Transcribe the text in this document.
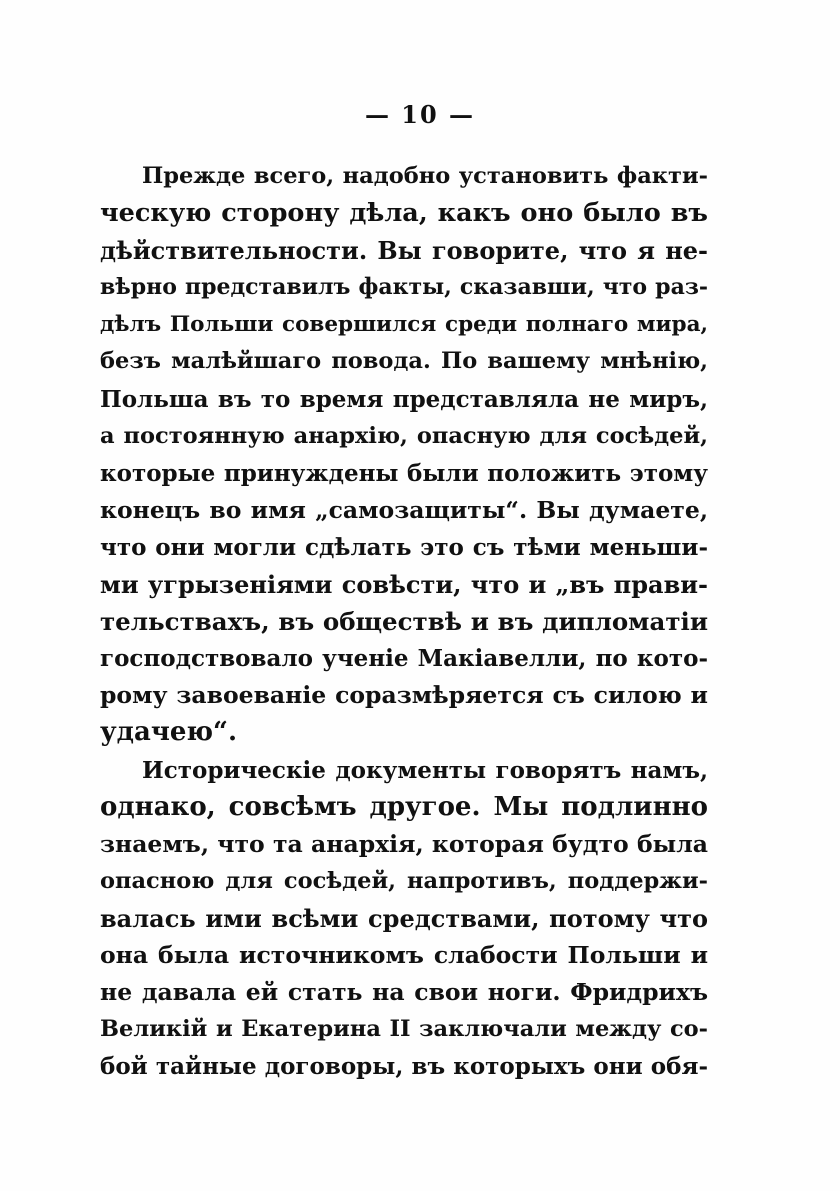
— 10 —
Прежде всего, надобно установить факти-
ческую сторону дѣла, какъ оно было въ
дѣйствительности. Вы говорите, что я не-
вѣрно представилъ факты, сказавши, что раз-
дѣлъ Польши совершился среди полнаго мира,
безъ малѣйшаго повода. По вашему мнѣнію,
Польша въ то время представляла не миръ,
а постоянную анархію, опасную для сосѣдей,
которые принуждены были положить этому
конецъ во имя „самозащиты“. Вы думаете,
что они могли сдѣлать это съ тѣми меньши-
ми угрызеніями совѣсти, что и „въ прави-
тельствахъ, въ обществѣ и въ дипломатіи
господствовало ученіе Макіавелли, по кото-
рому завоеваніе соразмѣряется съ силою и
удачею“.
Историческіе документы говорятъ намъ,
однако, совсѣмъ другое. Мы подлинно
знаемъ, что та анархія, которая будто была
опасною для сосѣдей, напротивъ, поддержи-
валась ими всѣми средствами, потому что
она была источникомъ слабости Польши и
не давала ей стать на свои ноги. Фридрихъ
Великій и Екатерина II заключали между со-
бой тайные договоры, въ которыхъ они обя-
